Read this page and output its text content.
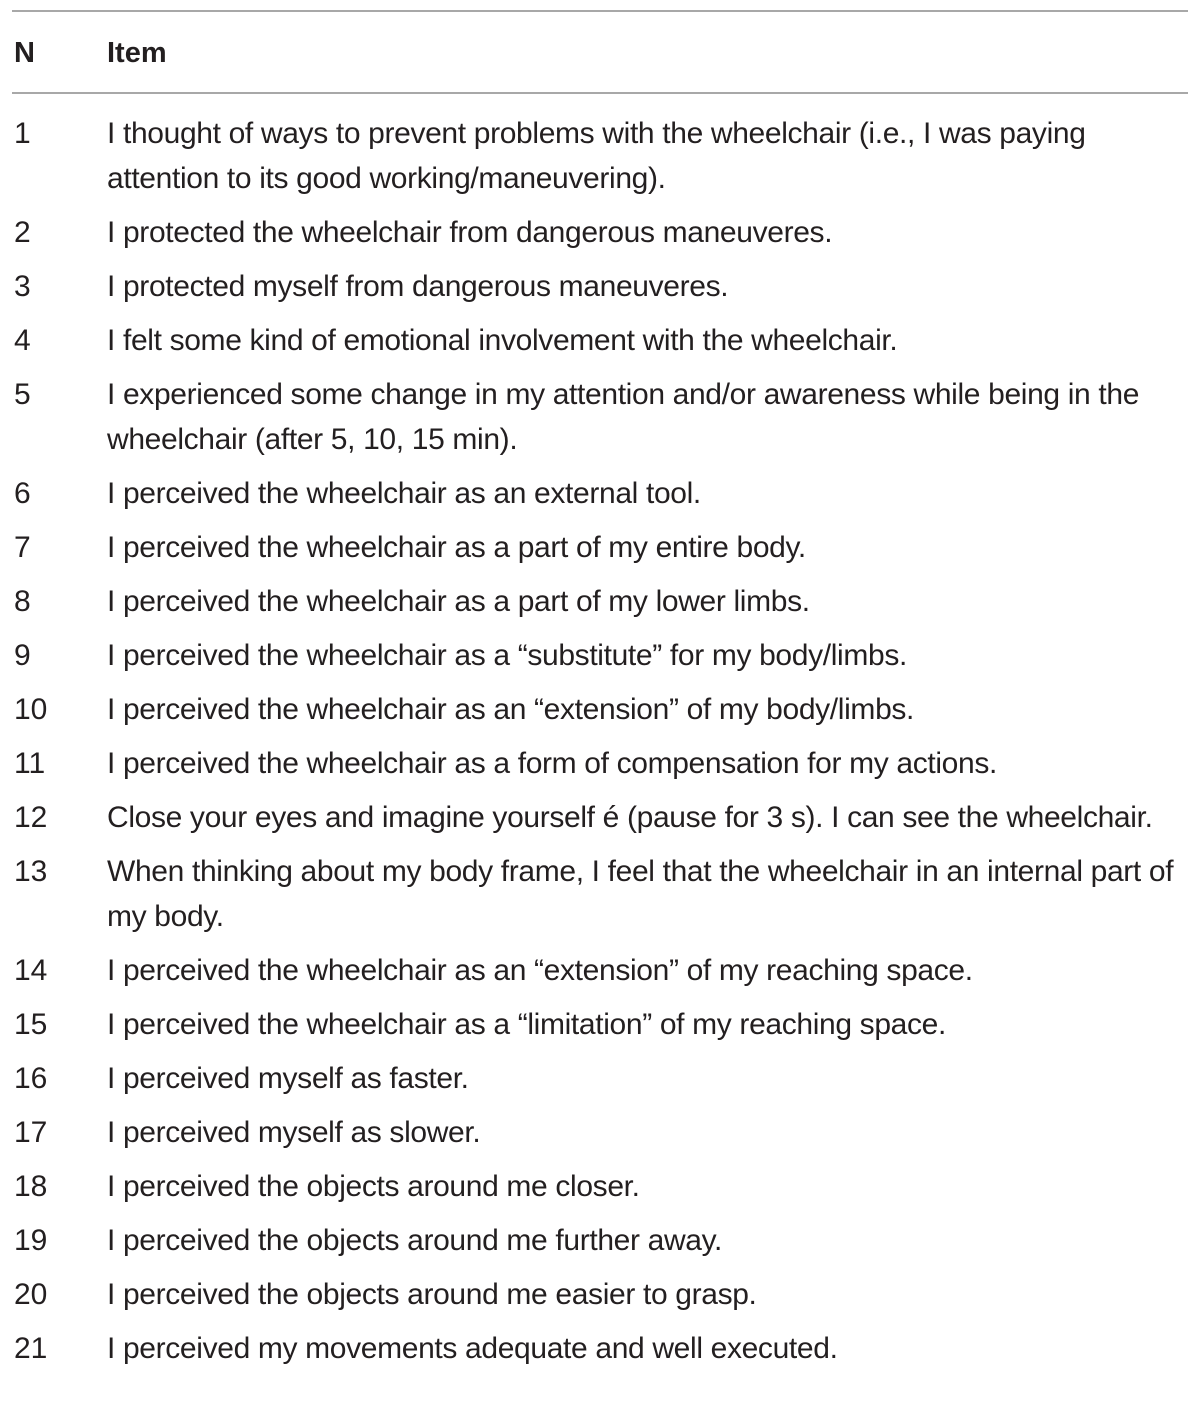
N Item
1	I thought of ways to prevent problems with the wheelchair (i.e., I was paying attention to its good working/maneuvering).
2	I protected the wheelchair from dangerous maneuveres.
3	I protected myself from dangerous maneuveres.
4	I felt some kind of emotional involvement with the wheelchair.
5	I experienced some change in my attention and/or awareness while being in the wheelchair (after 5, 10, 15 min).
6	I perceived the wheelchair as an external tool.
7	I perceived the wheelchair as a part of my entire body.
8	I perceived the wheelchair as a part of my lower limbs.
9	I perceived the wheelchair as a “substitute” for my body/limbs.
10	I perceived the wheelchair as an “extension” of my body/limbs.
11	I perceived the wheelchair as a form of compensation for my actions.
12	Close your eyes and imagine yourself é (pause for 3 s). I can see the wheelchair.
13	When thinking about my body frame, I feel that the wheelchair in an internal part of my body.
14	I perceived the wheelchair as an “extension” of my reaching space.
15	I perceived the wheelchair as a “limitation” of my reaching space.
16	I perceived myself as faster.
17	I perceived myself as slower.
18	I perceived the objects around me closer.
19	I perceived the objects around me further away.
20	I perceived the objects around me easier to grasp.
21	I perceived my movements adequate and well executed.
